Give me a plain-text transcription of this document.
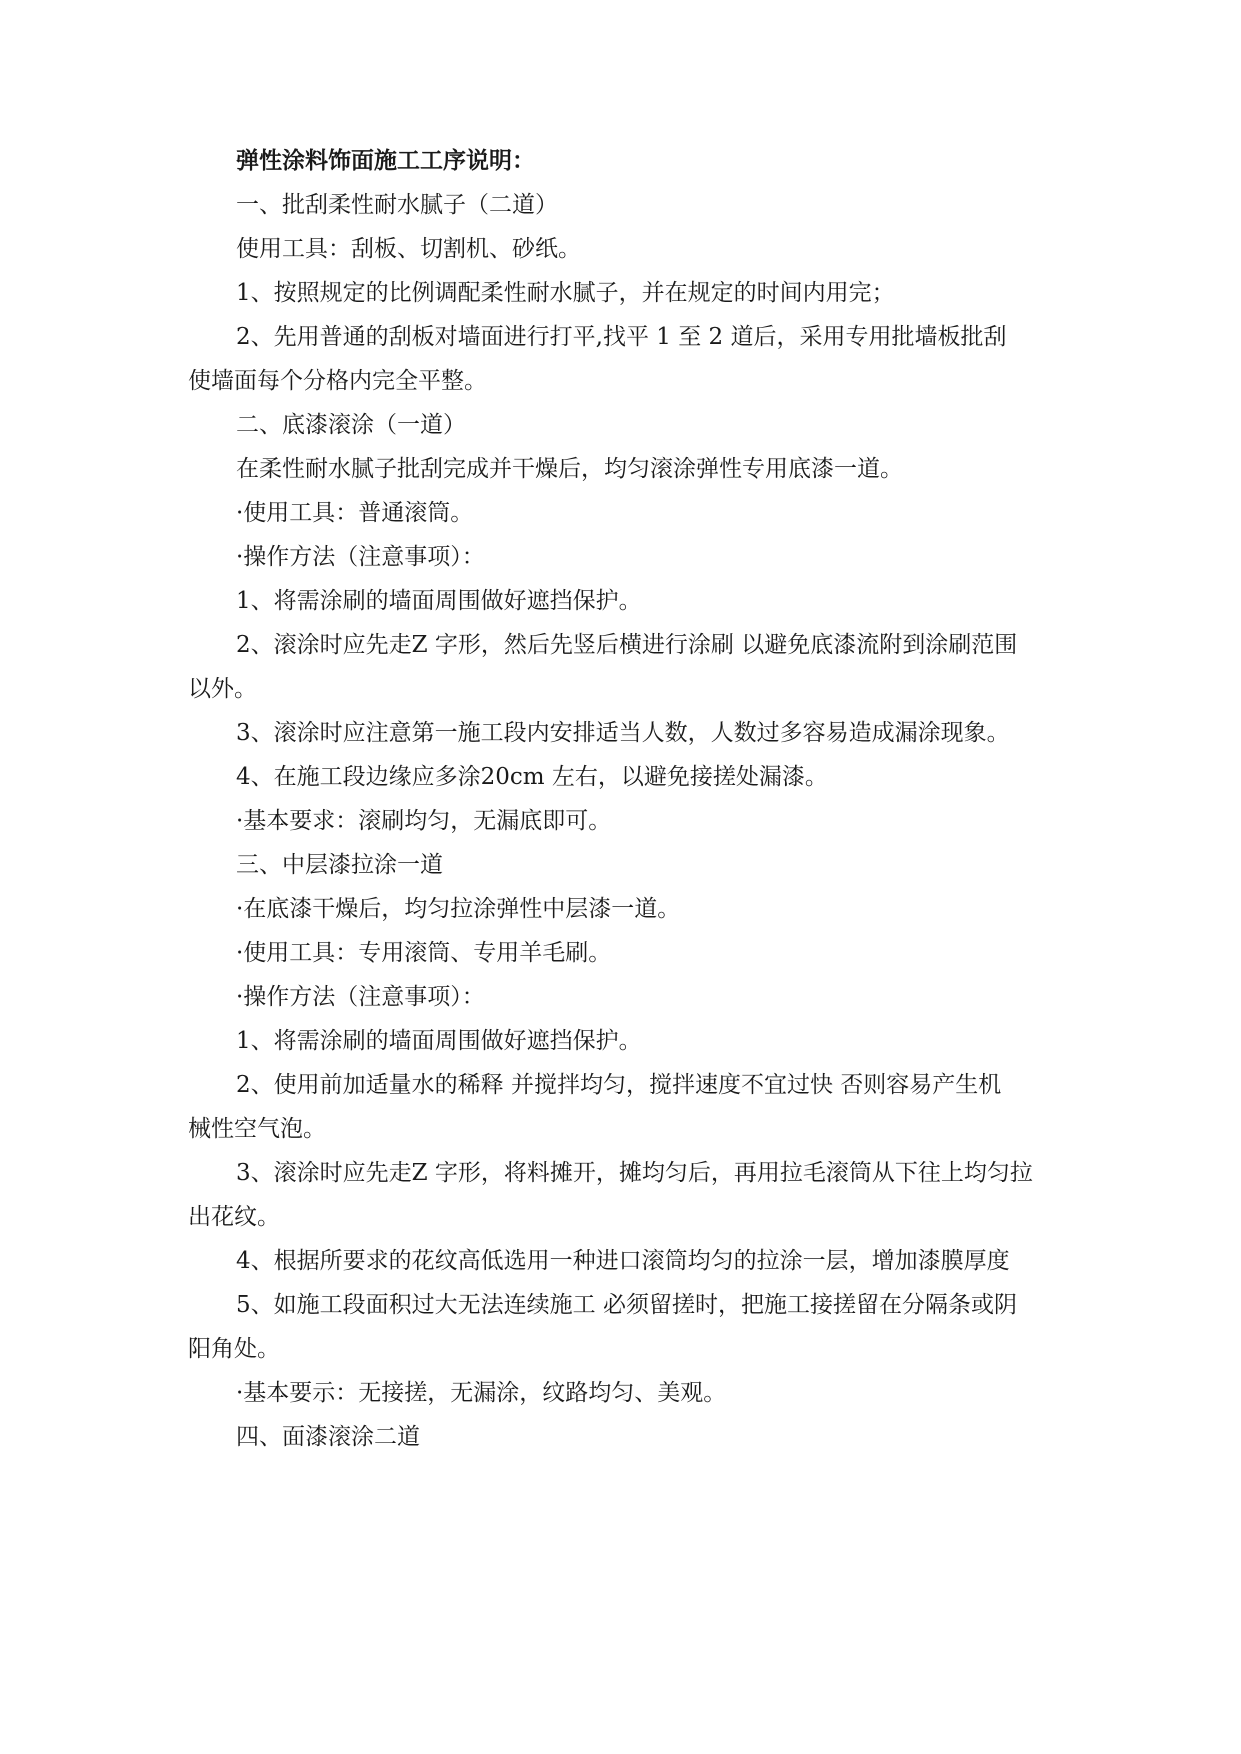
弹性涂料饰面施工工序说明：
一、批刮柔性耐水腻子（二道）
使用工具：刮板、切割机、砂纸。
1、按照规定的比例调配柔性耐水腻子，并在规定的时间内用完；
2、先用普通的刮板对墙面进行打平,找平 1 至 2 道后，采用专用批墙板批刮
使墙面每个分格内完全平整。
二、底漆滚涂（一道）
在柔性耐水腻子批刮完成并干燥后，均匀滚涂弹性专用底漆一道。
·使用工具：普通滚筒。
·操作方法（注意事项）：
1、将需涂刷的墙面周围做好遮挡保护。
2、滚涂时应先走Z 字形，然后先竖后横进行涂刷 以避免底漆流附到涂刷范围
以外。
3、滚涂时应注意第一施工段内安排适当人数，人数过多容易造成漏涂现象。
4、在施工段边缘应多涂20cm 左右，以避免接搓处漏漆。
·基本要求：滚刷均匀，无漏底即可。
三、中层漆拉涂一道
·在底漆干燥后，均匀拉涂弹性中层漆一道。
·使用工具：专用滚筒、专用羊毛刷。
·操作方法（注意事项）：
1、将需涂刷的墙面周围做好遮挡保护。
2、使用前加适量水的稀释 并搅拌均匀，搅拌速度不宜过快 否则容易产生机
械性空气泡。
3、滚涂时应先走Z 字形，将料摊开，摊均匀后，再用拉毛滚筒从下往上均匀拉
出花纹。
4、根据所要求的花纹高低选用一种进口滚筒均匀的拉涂一层，增加漆膜厚度
5、如施工段面积过大无法连续施工 必须留搓时，把施工接搓留在分隔条或阴
阳角处。
·基本要示：无接搓，无漏涂，纹路均匀、美观。
四、面漆滚涂二道
